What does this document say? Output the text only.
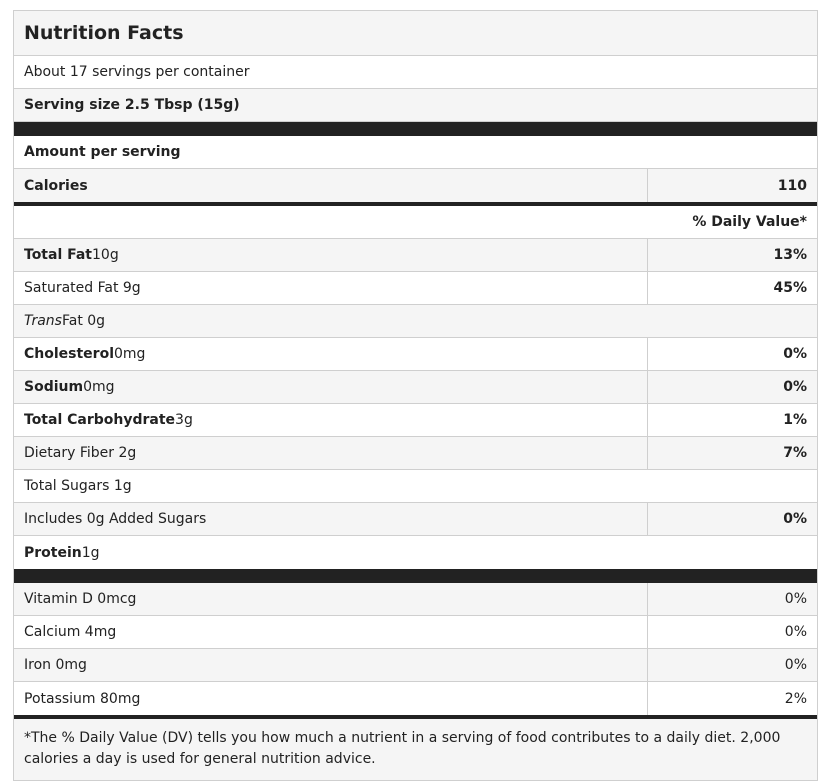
Nutrition Facts
About 17 servings per container
Serving size 2.5 Tbsp (15g)
Amount per serving
Calories	110
% Daily Value*
Total Fat 10g	13%
Saturated Fat 9g	45%
Trans Fat 0g
Cholesterol 0mg	0%
Sodium 0mg	0%
Total Carbohydrate 3g	1%
Dietary Fiber 2g	7%
Total Sugars 1g
Includes 0g Added Sugars	0%
Protein 1g
Vitamin D 0mcg	0%
Calcium 4mg	0%
Iron 0mg	0%
Potassium 80mg	2%
*The % Daily Value (DV) tells you how much a nutrient in a serving of food contributes to a daily diet. 2,000 calories a day is used for general nutrition advice.
